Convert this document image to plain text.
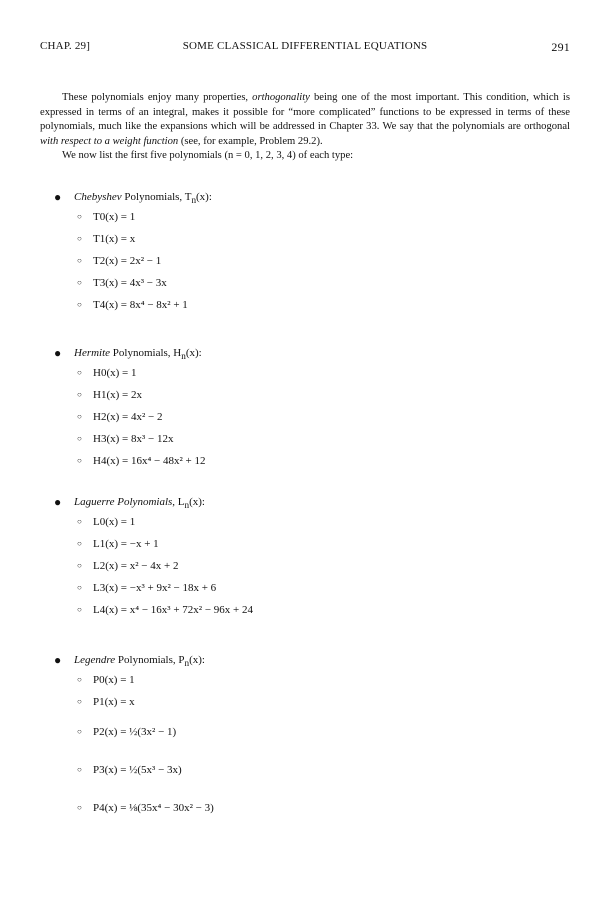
CHAP. 29]	SOME CLASSICAL DIFFERENTIAL EQUATIONS	291

These polynomials enjoy many properties, orthogonality being one of the most important. This condition, which is expressed in terms of an integral, makes it possible for “more complicated” functions to be expressed in terms of these polynomials, much like the expansions which will be addressed in Chapter 33. We say that the polynomials are orthogonal with respect to a weight function (see, for example, Problem 29.2).

We now list the first five polynomials (n = 0, 1, 2, 3, 4) of each type:

● Chebyshev Polynomials, $T_n(x)$:
○ T0(x) = 1
○ T1(x) = x
○ T2(x) = 2x² − 1
○ T3(x) = 4x³ − 3x
○ T4(x) = 8x⁴ − 8x² + 1
● Hermite Polynomials, $H_n(x)$:
○ H0(x) = 1
○ H1(x) = 2x
○ H2(x) = 4x² − 2
○ H3(x) = 8x³ − 12x
○ H4(x) = 16x⁴ − 48x² + 12
● Laguerre Polynomials, $L_n(x)$:
○ L0(x) = 1
○ L1(x) = −x + 1
○ L2(x) = x² − 4x + 2
○ L3(x) = −x³ + 9x² − 18x + 6
○ L4(x) = x⁴ − 16x³ + 72x² − 96x + 24
● Legendre Polynomials, $P_n(x)$:
○ P0(x) = 1
○ P1(x) = x
○ P2(x) = ½(3x² − 1)
○ P3(x) = ½(5x³ − 3x)
○ P4(x) = ⅛(35x⁴ − 30x² − 3)
